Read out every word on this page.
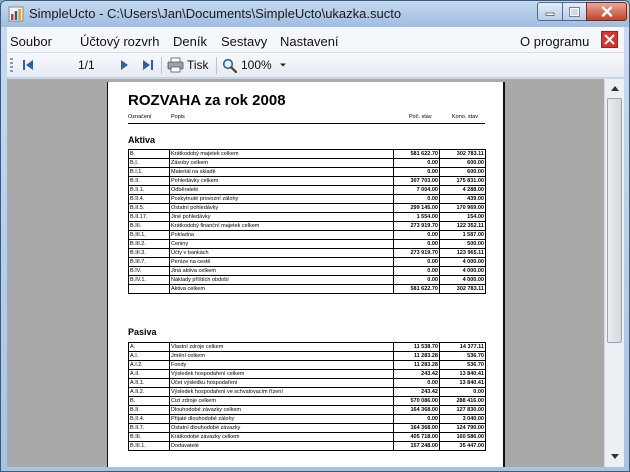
SimpleUcto - C:\Users\Jan\Documents\SimpleUcto\ukazka.sucto
Soubor Účtový rozvrh Deník Sestavy Nastavení	O programu
1/1	Tisk	100%
ROZVAHA za rok 2008
Označení	Popis	Poč. stav	Kono. stav
Aktiva
B.	Krátkodobý majetek celkem	581 622.70	302 783.11
B.I.	Zásoby celkem	0.00	600.00
B.I.1.	Materiál na skladě	0.00	600.00
B.II.	Pohledávky celkem	307 703.00	175 831.00
B.II.1.	Odběratelé	7 004.00	4 288.00
B.II.4.	Poskytnuté provozní zálohy	0.00	439.00
B.II.5.	Ostatní pohledávky	299 145.00	170 969.00
B.II.17.	Jiné pohledávky	1 554.00	154.00
B.III.	Krátkodobý finanční majetek celkem	273 919.70	122 352.11
B.III.1.	Pokladna	0.00	1 587.00
B.III.2.	Ceniny	0.00	500.00
B.III.3.	Účty v bankách	273 919.70	123 965.11
B.III.7.	Peníze na cestě	0.00	4 000.00
B.IV.	Jiná aktiva celkem	0.00	4 000.00
B.IV.1.	Náklady příštích období	0.00	4 000.00
	Aktiva celkem	581 622.70	302 783.11
Pasiva
A.	Vlastní zdroje celkem	11 538.70	14 377.11
A.I.	Jmění celkem	11 283.28	536.70
A.I.2.	Fondy	11 283.28	536.70
A.II.	Výsledek hospodaření celkem	243.42	13 840.41
A.II.1.	Účet výsledku hospodaření	0.00	13 840.41
A.II.2.	Výsledek hospodaření ve schvalovacím řízení	243.42	0.00
B.	Cizí zdroje celkem	570 086.00	288 416.00
B.II.	Dlouhodobé závazky celkem	164 368.00	127 830.00
B.II.4.	Přijaté dlouhodobé zálohy	0.00	3 040.00
B.II.7.	Ostatní dlouhodobé závazky	164 368.00	124 790.00
B.III.	Krátkodobé závazky celkem	405 718.00	160 586.00
B.III.1.	Dodavatelé	157 248.00	35 447.00
